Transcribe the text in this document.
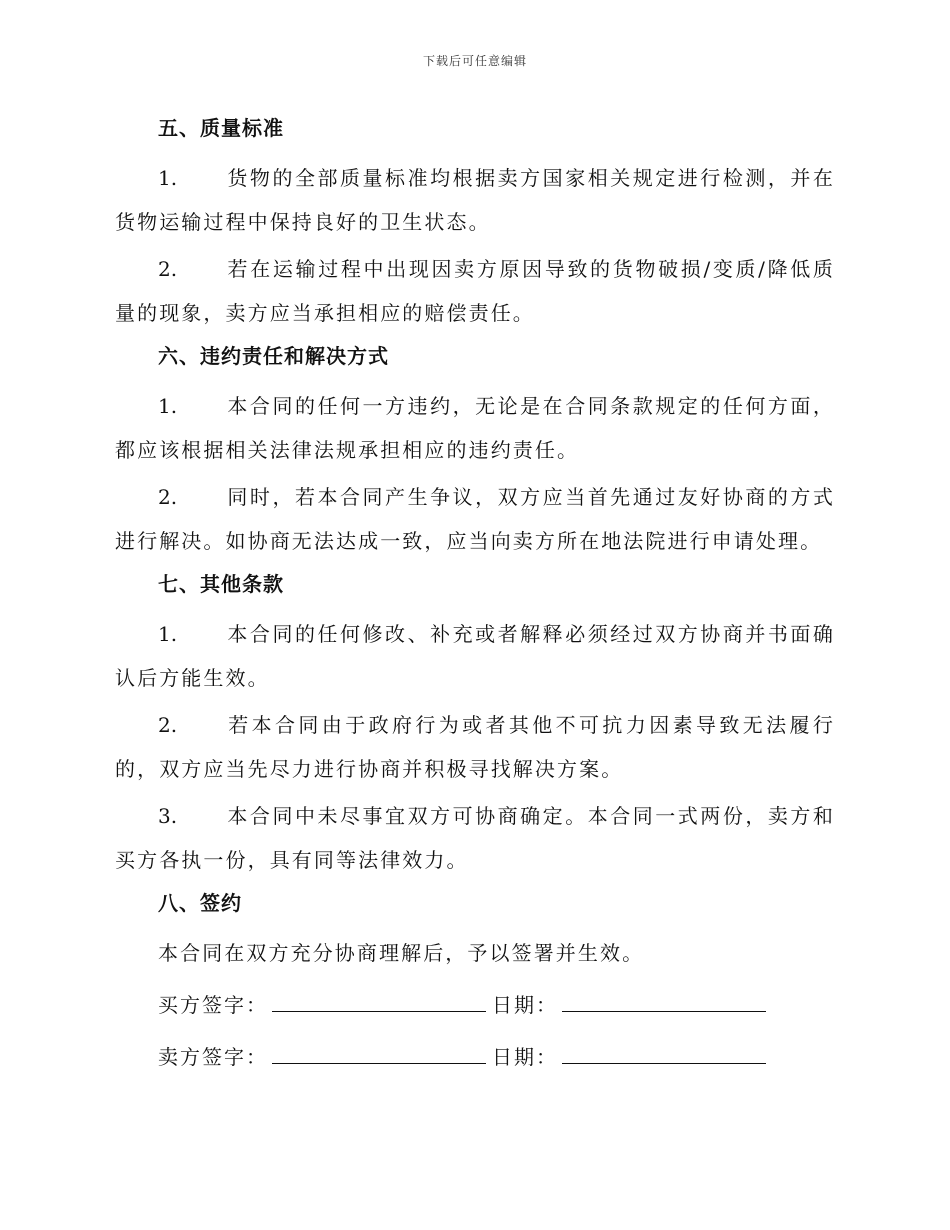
下载后可任意编辑
五、质量标准

1. 货物的全部质量标准均根据卖方国家相关规定进行检测，并在货物运输过程中保持良好的卫生状态。

2. 若在运输过程中出现因卖方原因导致的货物破损/变质/降低质量的现象，卖方应当承担相应的赔偿责任。

六、违约责任和解决方式

1. 本合同的任何一方违约，无论是在合同条款规定的任何方面，都应该根据相关法律法规承担相应的违约责任。

2. 同时，若本合同产生争议，双方应当首先通过友好协商的方式进行解决。如协商无法达成一致，应当向卖方所在地法院进行申请处理。

七、其他条款

1. 本合同的任何修改、补充或者解释必须经过双方协商并书面确认后方能生效。

2. 若本合同由于政府行为或者其他不可抗力因素导致无法履行的，双方应当先尽力进行协商并积极寻找解决方案。

3. 本合同中未尽事宜双方可协商确定。本合同一式两份，卖方和买方各执一份，具有同等法律效力。

八、签约

本合同在双方充分协商理解后，予以签署并生效。

买方签字：	日期：
卖方签字：	日期：
